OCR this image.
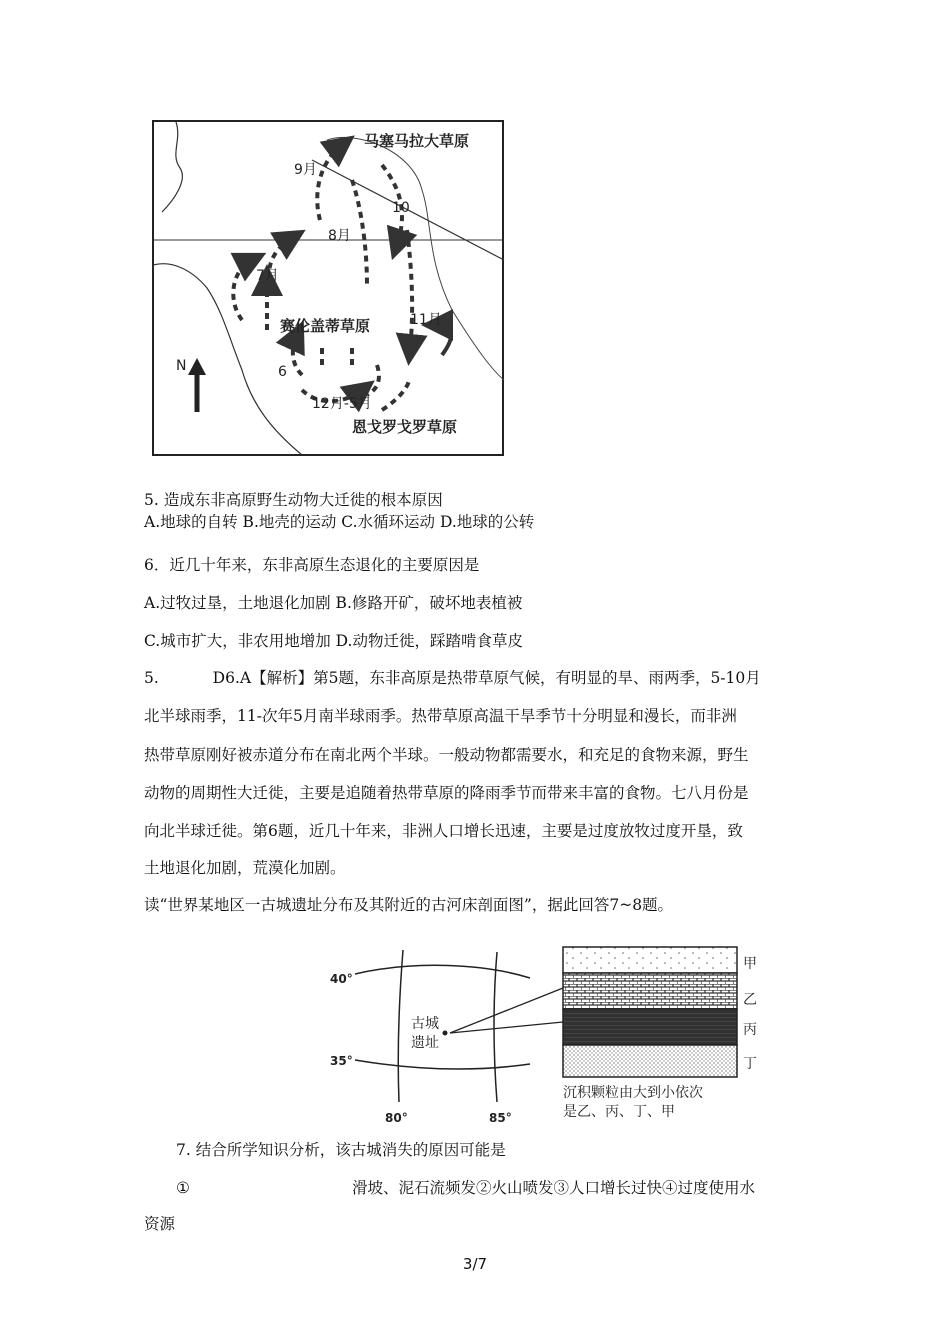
马塞马拉大草原
9月
10
8月
7月
赛伦盖蒂草原	11月
N	6
12月-5月
恩戈罗戈罗草原
5. 造成东非高原野生动物大迁徙的根本原因
A.地球的自转 B.地壳的运动 C.水循环运动 D.地球的公转
6．近几十年来，东非高原生态退化的主要原因是
A.过牧过垦，土地退化加剧 B.修路开矿，破坏地表植被
C.城市扩大，非农用地增加 D.动物迁徙，踩踏啃食草皮
5.	D6.A【解析】第5题，东非高原是热带草原气候，有明显的旱、雨两季，5-10月
北半球雨季，11-次年5月南半球雨季。热带草原高温干旱季节十分明显和漫长，而非洲
热带草原刚好被赤道分布在南北两个半球。一般动物都需要水，和充足的食物来源，野生
动物的周期性大迁徙，主要是追随着热带草原的降雨季节而带来丰富的食物。七八月份是
向北半球迁徙。第6题，近几十年来，非洲人口增长迅速，主要是过度放牧过度开垦，致
土地退化加剧，荒漠化加剧。
读“世界某地区一古城遗址分布及其附近的古河床剖面图”，据此回答7~8题。
40°
35°
80°	85°
古城
遗址
甲
乙
丙
丁
沉积颗粒由大到小依次
是乙、丙、丁、甲
7. 结合所学知识分析，该古城消失的原因可能是
①	滑坡、泥石流频发②火山喷发③人口增长过快④过度使用水
资源
3/7
